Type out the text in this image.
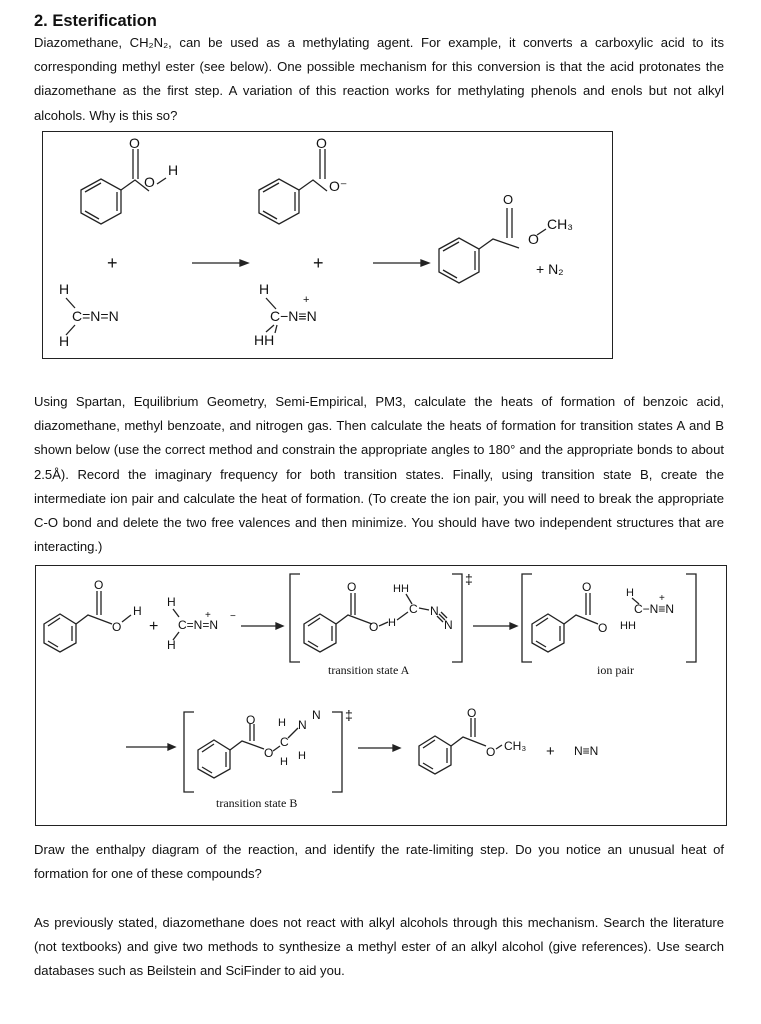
2. Esterification
Diazomethane, CH₂N₂, can be used as a methylating agent. For example, it converts a carboxylic acid to its corresponding methyl ester (see below). One possible mechanism for this conversion is that the acid protonates the diazomethane as the first step. A variation of this reaction works for methylating phenols and enols but not alkyl alcohols. Why is this so?
O
O
H
O
O⁻
O
O
CH₃
+ N₂
+	+
H
C=N=N
H
H
+
C−N≡N
HH
Using Spartan, Equilibrium Geometry, Semi-Empirical, PM3, calculate the heats of formation of benzoic acid, diazomethane, methyl benzoate, and nitrogen gas. Then calculate the heats of formation for transition states A and B shown below (use the correct method and constrain the appropriate angles to 180° and the appropriate bonds to about 2.5Å). Record the imaginary frequency for both transition states. Finally, using transition state B, create the intermediate ion pair and calculate the heat of formation. (To create the ion pair, you will need to break the appropriate C-O bond and delete the two free valences and then minimize. You should have two independent structures that are interacting.)
O
O
H
+
H
+
C=N=N
−
H
‡
O
O H
HH
C N
N
transition state A
O
O
H	+
C−N≡N
HH
ion pair
‡
O
O
H
C
N
H H
N
transition state B
O
O CH₃ + N≡N
Draw the enthalpy diagram of the reaction, and identify the rate-limiting step. Do you notice an unusual heat of formation for one of these compounds?
As previously stated, diazomethane does not react with alkyl alcohols through this mechanism. Search the literature (not textbooks) and give two methods to synthesize a methyl ester of an alkyl alcohol (give references). Use search databases such as Beilstein and SciFinder to aid you.
